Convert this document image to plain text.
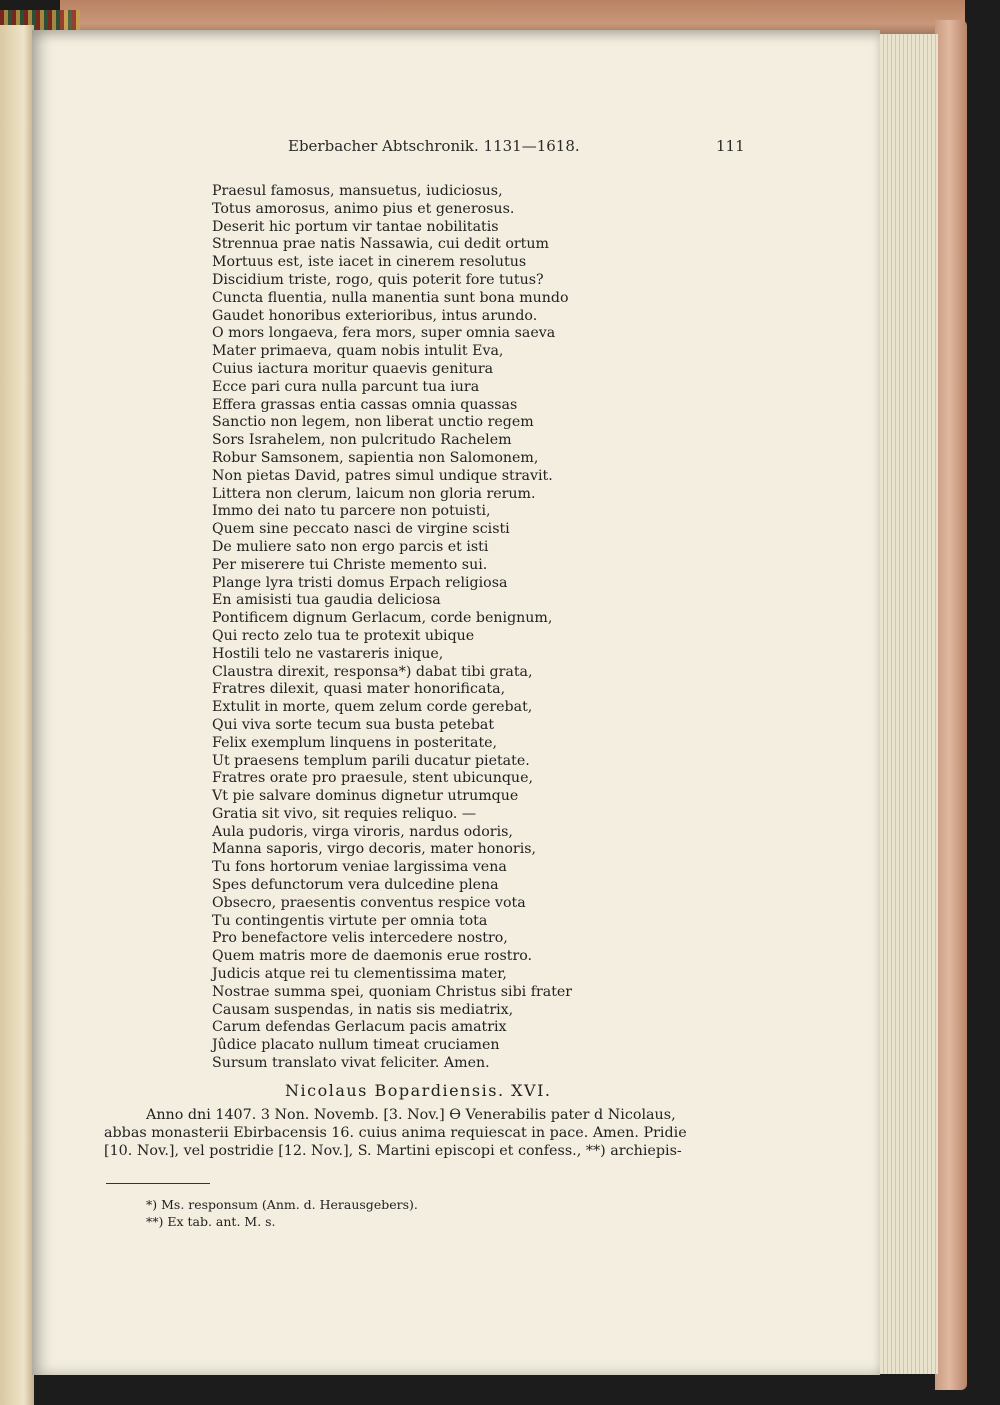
Eberbacher Abtschronik. 1131—1618.	111
Praesul famosus, mansuetus, iudiciosus,
Totus amorosus, animo pius et generosus.
Deserit hic portum vir tantae nobilitatis
Strennua prae natis Nassawia, cui dedit ortum
Mortuus est, iste iacet in cinerem resolutus
Discidium triste, rogo, quis poterit fore tutus?
Cuncta fluentia, nulla manentia sunt bona mundo
Gaudet honoribus exterioribus, intus arundo.
O mors longaeva, fera mors, super omnia saeva
Mater primaeva, quam nobis intulit Eva,
Cuius iactura moritur quaevis genitura
Ecce pari cura nulla parcunt tua iura
Effera grassas entia cassas omnia quassas
Sanctio non legem, non liberat unctio regem
Sors Israhelem, non pulcritudo Rachelem
Robur Samsonem, sapientia non Salomonem,
Non pietas David, patres simul undique stravit.
Littera non clerum, laicum non gloria rerum.
Immo dei nato tu parcere non potuisti,
Quem sine peccato nasci de virgine scisti
De muliere sato non ergo parcis et isti
Per miserere tui Christe memento sui.
Plange lyra tristi domus Erpach religiosa
En amisisti tua gaudia deliciosa
Pontificem dignum Gerlacum, corde benignum,
Qui recto zelo tua te protexit ubique
Hostili telo ne vastareris inique,
Claustra direxit, responsa*) dabat tibi grata,
Fratres dilexit, quasi mater honorificata,
Extulit in morte, quem zelum corde gerebat,
Qui viva sorte tecum sua busta petebat
Felix exemplum linquens in posteritate,
Ut praesens templum parili ducatur pietate.
Fratres orate pro praesule, stent ubicunque,
Vt pie salvare dominus dignetur utrumque
Gratia sit vivo, sit requies reliquo. —
Aula pudoris, virga viroris, nardus odoris,
Manna saporis, virgo decoris, mater honoris,
Tu fons hortorum veniae largissima vena
Spes defunctorum vera dulcedine plena
Obsecro, praesentis conventus respice vota
Tu contingentis virtute per omnia tota
Pro benefactore velis intercedere nostro,
Quem matris more de daemonis erue rostro.
Judicis atque rei tu clementissima mater,
Nostrae summa spei, quoniam Christus sibi frater
Causam suspendas, in natis sis mediatrix,
Carum defendas Gerlacum pacis amatrix
Jûdice placato nullum timeat cruciamen
Sursum translato vivat feliciter. Amen.
Nicolaus Bopardiensis. XVI.
Anno dni 1407. 3 Non. Novemb. [3. Nov.] ϴ Venerabilis pater d Nicolaus,
abbas monasterii Ebirbacensis 16. cuius anima requiescat in pace. Amen. Pridie
[10. Nov.], vel postridie [12. Nov.], S. Martini episcopi et confess., **) archiepis-
*) Ms. responsum (Anm. d. Herausgebers).
**) Ex tab. ant. M. s.
